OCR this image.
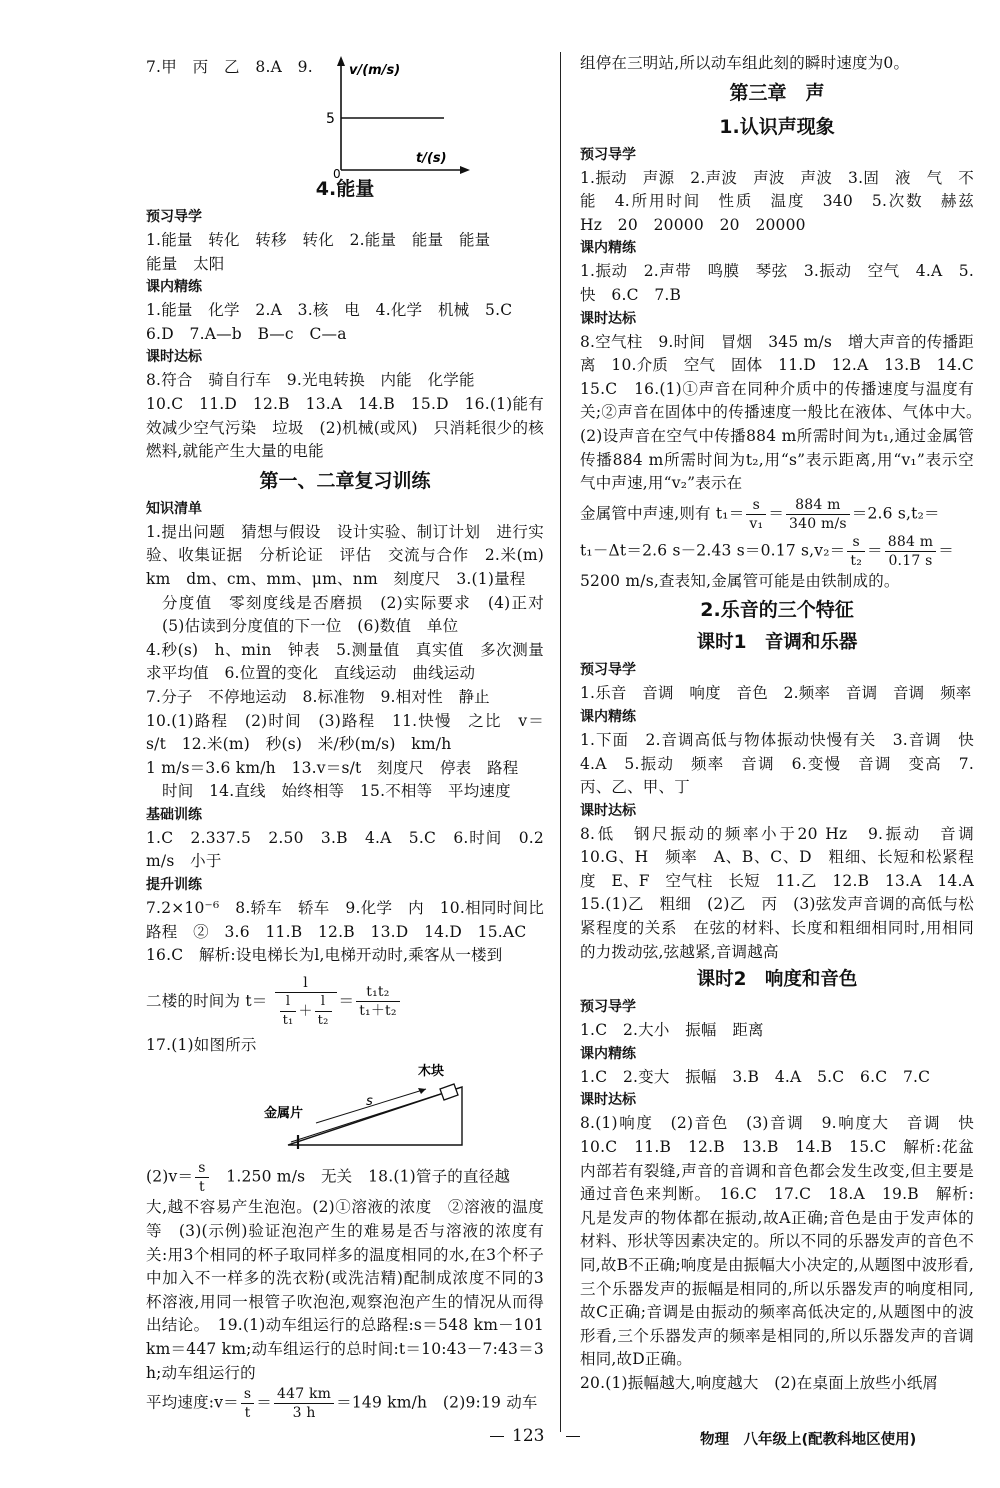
7.甲　丙　乙　8.A　9.	v/(m/s)
5
0
t/(s)

4.能量

预习导学

1.能量　转化　转移　转化　2.能量　能量　能量

能量　太阳

课内精练

1.能量　化学　2.A　3.核　电　4.化学　机械　5.C

6.D　7.A—b　B—c　C—a

课时达标

8.符合　骑自行车　9.光电转换　内能　化学能

10.C　11.D　12.B　13.A　14.B　15.D　16.(1)能有效减少空气污染　垃圾　(2)机械(或风)　只消耗很少的核燃料,就能产生大量的电能

第一、二章复习训练

知识清单

1.提出问题　猜想与假设　设计实验、制订计划　进行实验、收集证据　分析论证　评估　交流与合作　2.米(m)　km　dm、cm、mm、μm、nm　刻度尺　3.(1)量程

分度值　零刻度线是否磨损　(2)实际要求　(4)正对　(5)估读到分度值的下一位　(6)数值　单位

4.秒(s)　h、min　钟表　5.测量值　真实值　多次测量求平均值　6.位置的变化　直线运动　曲线运动

7.分子　不停地运动　8.标准物　9.相对性　静止

10.(1)路程　(2)时间　(3)路程　11.快慢　之比　v＝s/t　12.米(m)　秒(s)　米/秒(m/s)　km/h

1 m/s＝3.6 km/h　13.v＝s/t　刻度尺　停表　路程

时间　14.直线　始终相等　15.不相等　平均速度

基础训练

1.C　2.337.5　2.50　3.B　4.A　5.C　6.时间　0.2 m/s　小于

提升训练

7.2×10⁻⁶　8.轿车　轿车　9.化学　内　10.相同时间比路程　②　3.6　11.B　12.B　13.D　14.D　15.AC

16.C　解析:设电梯长为l,电梯开动时,乘客从一楼到

二楼的时间为 $t= \frac{l}{\frac{l}{\text{t₁}} + \frac{l}{\text{t₂}}} = \frac{\text{t₁t₂}}{\text{t₁＋t₂}}$

17.(1)如图所示

木块
s
金属片
$(2)v= \frac{s}{t}$ 　1.250 m/s　无关　18.(1)管子的直径越

大,越不容易产生泡泡。(2)①溶液的浓度　②溶液的温度等　(3)(示例)验证泡泡产生的难易是否与溶液的浓度有关:用3个相同的杯子取同样多的温度相同的水,在3个杯子中加入不一样多的洗衣粉(或洗洁精)配制成浓度不同的3杯溶液,用同一根管子吹泡泡,观察泡泡产生的情况从而得出结论。　19.(1)动车组运行的总路程:s＝548 km－101 km＝447 km;动车组运行的总时间:t＝10:43－7:43＝3 h;动车组运行的

平均速度:v＝ $\frac{s}{t} = \frac{447 km}{3 h} =149$ km/h　(2)9:19 动车

组停在三明站,所以动车组此刻的瞬时速度为0。

第三章　声

1.认识声现象

预习导学

1.振动　声源　2.声波　声波　声波　3.固　液　气　不能　4.所用时间　性质　温度　340　5.次数　赫兹　Hz　20　20000　20　20000

课内精练

1.振动　2.声带　鸣膜　琴弦　3.振动　空气　4.A　5.快　6.C　7.B

课时达标

8.空气柱　9.时间　冒烟　345 m/s　增大声音的传播距离　10.介质　空气　固体　11.D　12.A　13.B　14.C　15.C　16.(1)①声音在同种介质中的传播速度与温度有关;②声音在固体中的传播速度一般比在液体、气体中大。　(2)设声音在空气中传播884 m所需时间为t₁,通过金属管传播884 m所需时间为t₂,用“s”表示距离,用“v₁”表示空气中声速,用“v₂”表示在

金属管中声速,则有 $t_1= \frac{s}{\text{v₁}} = \frac{884 m}{340 m/s} =2.6$ s,t₂＝
t₁－Δt＝2.6 s－2.43 s＝0.17 $s,v_2= \frac{s}{\text{t₂}} = \frac{884 m}{0.17 s}$ ＝

5200 m/s,查表知,金属管可能是由铁制成的。

2.乐音的三个特征

课时1　音调和乐器

预习导学

1.乐音　音调　响度　音色　2.频率　音调　音调　频率

课内精练

1.下面　2.音调高低与物体振动快慢有关　3.音调　快　4.A　5.振动　频率　音调　6.变慢　音调　变高　7.丙、乙、甲、丁

课时达标

8.低　钢尺振动的频率小于20 Hz　9.振动　音调　10.G、H　频率　A、B、C、D　粗细、长短和松紧程度　E、F　空气柱　长短　11.乙　12.B　13.A　14.A　15.(1)乙　粗细　(2)乙　丙　(3)弦发声音调的高低与松紧程度的关系　在弦的材料、长度和粗细相同时,用相同的力拨动弦,弦越紧,音调越高

课时2　响度和音色

预习导学

1.C　2.大小　振幅　距离

课内精练

1.C　2.变大　振幅　3.B　4.A　5.C　6.C　7.C

课时达标

8.(1)响度　(2)音色　(3)音调　9.响度大　音调　快　10.C　11.B　12.B　13.B　14.B　15.C　解析:花盆内部若有裂缝,声音的音调和音色都会发生改变,但主要是通过音色来判断。　16.C　17.C　18.A　19.B　解析:凡是发声的物体都在振动,故A正确;音色是由于发声体的材料、形状等因素决定的。所以不同的乐器发声的音色不同,故B不正确;响度是由振幅大小决定的,从题图中波形看,三个乐器发声的振幅是相同的,所以乐器发声的响度相同,故C正确;音调是由振动的频率高低决定的,从题图中的波形看,三个乐器发声的频率是相同的,所以乐器发声的音调相同,故D正确。

20.(1)振幅越大,响度越大　(2)在桌面上放些小纸屑

123	物理　八年级上(配教科地区使用)
